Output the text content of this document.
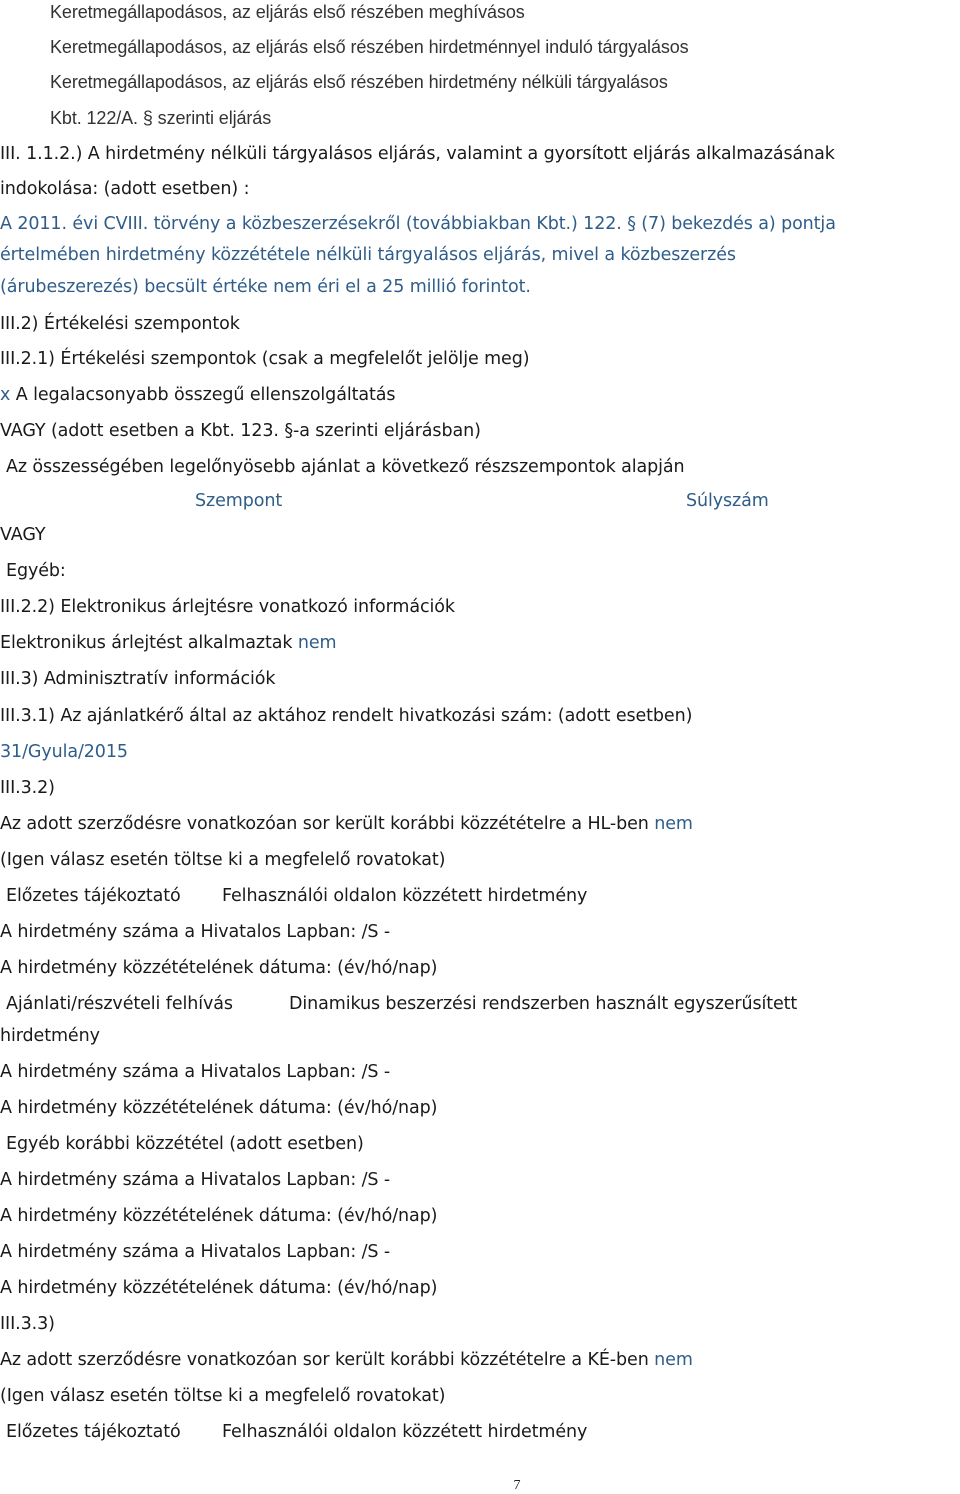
Keretmegállapodásos, az eljárás első részében meghívásos
Keretmegállapodásos, az eljárás első részében hirdetménnyel induló tárgyalásos
Keretmegállapodásos, az eljárás első részében hirdetmény nélküli tárgyalásos
Kbt. 122/A. § szerinti eljárás
III. 1.1.2.) A hirdetmény nélküli tárgyalásos eljárás, valamint a gyorsított eljárás alkalmazásának
indokolása: (adott esetben) :
A 2011. évi CVIII. törvény a közbeszerzésekről (továbbiakban Kbt.) 122. § (7) bekezdés a) pontja
értelmében hirdetmény közzététele nélküli tárgyalásos eljárás, mivel a közbeszerzés
(árubeszerezés) becsült értéke nem éri el a 25 millió forintot.
III.2) Értékelési szempontok
III.2.1) Értékelési szempontok (csak a megfelelőt jelölje meg)
x A legalacsonyabb összegű ellenszolgáltatás
VAGY (adott esetben a Kbt. 123. §-a szerinti eljárásban)
Az összességében legelőnyösebb ajánlat a következő részszempontok alapján
Szempont	Súlyszám
VAGY
Egyéb:
III.2.2) Elektronikus árlejtésre vonatkozó információk
Elektronikus árlejtést alkalmaztak nem
III.3) Adminisztratív információk
III.3.1) Az ajánlatkérő által az aktához rendelt hivatkozási szám: (adott esetben)
31/Gyula/2015
III.3.2)
Az adott szerződésre vonatkozóan sor került korábbi közzétételre a HL-ben nem
(Igen válasz esetén töltse ki a megfelelő rovatokat)
Előzetes tájékoztató Felhasználói oldalon közzétett hirdetmény
A hirdetmény száma a Hivatalos Lapban: /S -
A hirdetmény közzétételének dátuma: (év/hó/nap)
Ajánlati/részvételi felhívás	Dinamikus beszerzési rendszerben használt egyszerűsített
hirdetmény
A hirdetmény száma a Hivatalos Lapban: /S -
A hirdetmény közzétételének dátuma: (év/hó/nap)
Egyéb korábbi közzététel (adott esetben)
A hirdetmény száma a Hivatalos Lapban: /S -
A hirdetmény közzétételének dátuma: (év/hó/nap)
A hirdetmény száma a Hivatalos Lapban: /S -
A hirdetmény közzétételének dátuma: (év/hó/nap)
III.3.3)
Az adott szerződésre vonatkozóan sor került korábbi közzétételre a KÉ-ben nem
(Igen válasz esetén töltse ki a megfelelő rovatokat)
Előzetes tájékoztató Felhasználói oldalon közzétett hirdetmény
7
